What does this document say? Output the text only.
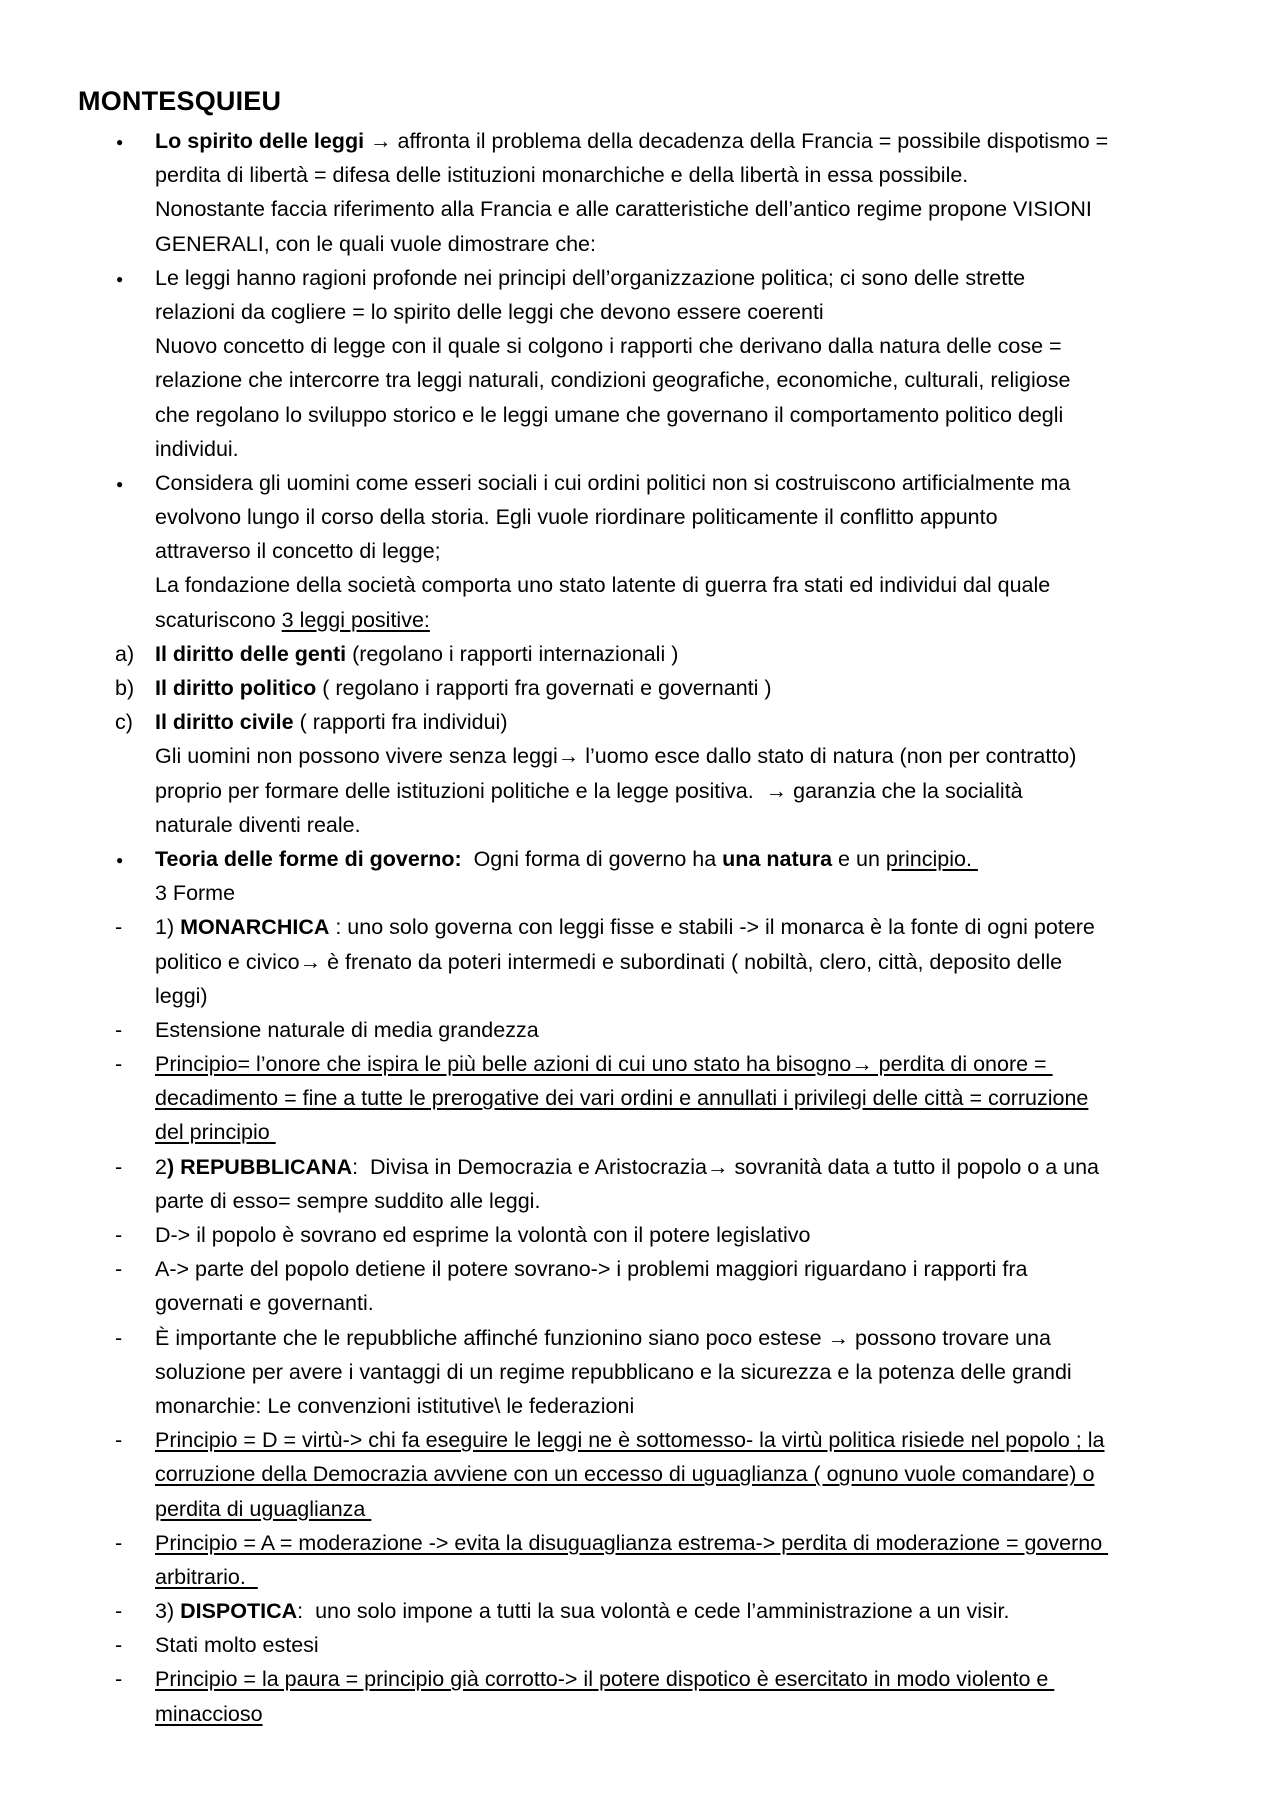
MONTESQUIEU
●
Lo spirito delle leggi → affronta il problema della decadenza della Francia = possibile dispotismo =
perdita di libertà = difesa delle istituzioni monarchiche e della libertà in essa possibile.
Nonostante faccia riferimento alla Francia e alle caratteristiche dell’antico regime propone VISIONI
GENERALI, con le quali vuole dimostrare che:
●
Le leggi hanno ragioni profonde nei principi dell’organizzazione politica; ci sono delle strette
relazioni da cogliere = lo spirito delle leggi che devono essere coerenti
Nuovo concetto di legge con il quale si colgono i rapporti che derivano dalla natura delle cose =
relazione che intercorre tra leggi naturali, condizioni geografiche, economiche, culturali, religiose
che regolano lo sviluppo storico e le leggi umane che governano il comportamento politico degli
individui.
●
Considera gli uomini come esseri sociali i cui ordini politici non si costruiscono artificialmente ma
evolvono lungo il corso della storia. Egli vuole riordinare politicamente il conflitto appunto
attraverso il concetto di legge;
La fondazione della società comporta uno stato latente di guerra fra stati ed individui dal quale
scaturiscono 3 leggi positive:
a) Il diritto delle genti (regolano i rapporti internazionali )
b) Il diritto politico ( regolano i rapporti fra governati e governanti )
c)	Il diritto civile ( rapporti fra individui)
Gli uomini non possono vivere senza leggi→ l’uomo esce dallo stato di natura (non per contratto)
proprio per formare delle istituzioni politiche e la legge positiva.  → garanzia che la socialità
naturale diventi reale.
●
Teoria delle forme di governo:  Ogni forma di governo ha una natura e un principio.
3 Forme
-	1) MONARCHICA : uno solo governa con leggi fisse e stabili -> il monarca è la fonte di ogni potere
politico e civico→ è frenato da poteri intermedi e subordinati ( nobiltà, clero, città, deposito delle
leggi)
-	Estensione naturale di media grandezza
-	Principio= l’onore che ispira le più belle azioni di cui uno stato ha bisogno→ perdita di onore =
decadimento = fine a tutte le prerogative dei vari ordini e annullati i privilegi delle città = corruzione
del principio
-	2) REPUBBLICANA:  Divisa in Democrazia e Aristocrazia→ sovranità data a tutto il popolo o a una
parte di esso= sempre suddito alle leggi.
-	D-> il popolo è sovrano ed esprime la volontà con il potere legislativo
-	A-> parte del popolo detiene il potere sovrano-> i problemi maggiori riguardano i rapporti fra
governati e governanti.
-	È importante che le repubbliche affinché funzionino siano poco estese → possono trovare una
soluzione per avere i vantaggi di un regime repubblicano e la sicurezza e la potenza delle grandi
monarchie: Le convenzioni istitutive\ le federazioni
-	Principio = D = virtù-> chi fa eseguire le leggi ne è sottomesso- la virtù politica risiede nel popolo ; la
corruzione della Democrazia avviene con un eccesso di uguaglianza ( ognuno vuole comandare) o
perdita di uguaglianza
-	Principio = A = moderazione -> evita la disuguaglianza estrema-> perdita di moderazione = governo
arbitrario.
-	3) DISPOTICA:  uno solo impone a tutti la sua volontà e cede l’amministrazione a un visir.
-	Stati molto estesi
-	Principio = la paura = principio già corrotto-> il potere dispotico è esercitato in modo violento e
minaccioso
